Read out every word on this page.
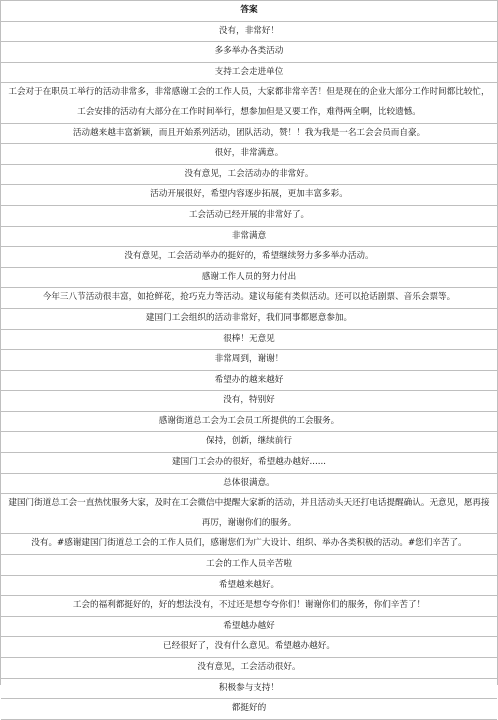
答案
没有，非常好！
多多举办各类活动
支持工会走进单位
工会对于在职员工举行的活动非常多，非常感谢工会的工作人员，大家都非常辛苦！但是现在的企业大部分工作时间都比较忙，工会安排的活动有大部分在工作时间举行，想参加但是又要工作，难得两全啊，比较遗憾。
活动越来越丰富新颖，而且开始系列活动，团队活动，赞！！我为我是一名工会会员而自豪。
很好，非常满意。
没有意见，工会活动办的非常好。
活动开展很好，希望内容逐步拓展，更加丰富多彩。
工会活动已经开展的非常好了。
非常满意
没有意见，工会活动举办的挺好的，希望继续努力多多举办活动。
感谢工作人员的努力付出
今年三八节活动很丰富，如抢鲜花，抢巧克力等活动。建议每能有类似活动。还可以抢话剧票、音乐会票等。
建国门工会组织的活动非常好，我们同事都愿意参加。
很棒！无意见
非常周到，谢谢！
希望办的越来越好
没有，特别好
感谢街道总工会为工会员工所提供的工会服务。
保持，创新，继续前行
建国门工会办的很好，希望越办越好......
总体很满意。
建国门街道总工会一直热忱服务大家，及时在工会微信中提醒大家新的活动，并且活动头天还打电话提醒确认。无意见，愿再接再厉，谢谢你们的服务。
没有。#感谢建国门街道总工会的工作人员们，感谢您们为广大设计、组织、举办各类积极的活动。#您们辛苦了。
工会的工作人员辛苦啦
希望越来越好。
工会的福利都挺好的，好的想法没有，不过还是想夸夸你们！谢谢你们的服务，你们辛苦了！
希望越办越好
已经很好了，没有什么意见。希望越办越好。
没有意见，工会活动很好。
积极参与支持！
都挺好的
